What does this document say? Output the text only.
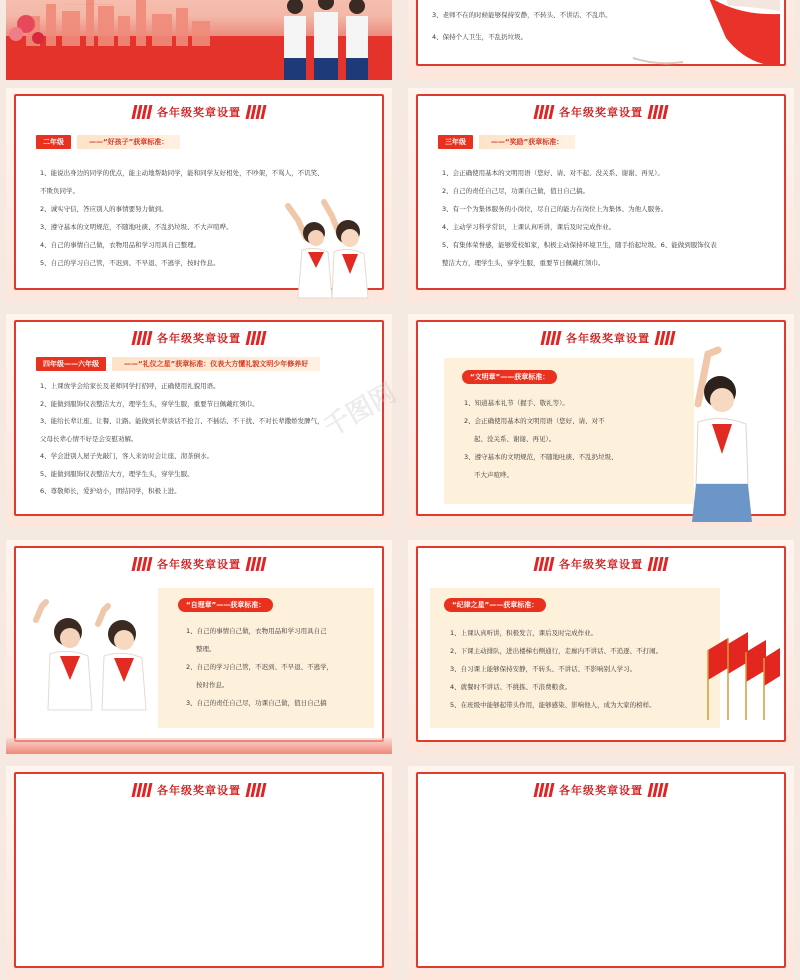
……………………
3、老师不在的时候能够保持安静，不转头、不讲话、不乱串。
4、保持个人卫生，不乱扔垃圾。
各年级奖章设置
二年级	——“好孩子”获章标准：
1、能说出身边的同学的优点，能主动地帮助同学，能和同学友好相处，不吵架，不骂人，不讥笑、
不欺负同学。
2、诚实守信，答应别人的事情要努力做到。
3、遵守基本的文明规范，不随地吐痰、不乱扔垃圾、不大声喧哗。
4、自己的事情自己做，衣物用品和学习用具自己整理。
5、自己的学习自己管，不迟到、不早退、不逃学，按时作息。
各年级奖章设置
三年级	——“奖励”获章标准：
1、会正确使用基本的文明用语（您好、请、对不起、没关系、谢谢、再见）。
2、自己的责任自己尽，功课自己做，值日自己搞。
3、有一个为集体服务的小岗位，尽自己的能力在岗位上为集体、为他人服务。
4、主动学习科学常识，上课认真听讲，课后及时完成作业。
5、有集体荣誉感，能够爱校如家，积极主动保持环境卫生，随手拾起垃圾。6、能做到服饰仪表
整洁大方，理学生头，穿学生服，重要节日佩戴红领巾。
各年级奖章设置
四年级——六年级	——“礼仪之星”获章标准：仪表大方懂礼貌文明少年修养好
1、上课放学会给家长及老师同学打招呼，正确使用礼貌用语。
2、能做到服饰仪表整洁大方，理学生头，穿学生服，重要节日佩戴红领巾。
3、能给长辈让座、让餐、让路。能做到长辈谈话不抢言、不插话、不干扰、不对长辈撒娇发脾气，
父母长辈心情不好是会安慰劝解。
4、学会进别人屋子先敲门，客人来访时会让座、沏茶倒水。
5、能做到服饰仪表整洁大方，理学生头，穿学生服。
6、尊敬师长，爱护幼小，团结同学，积极上进。
各年级奖章设置
“文明章”——获章标准：
1、知道基本礼节（握手、敬礼等）。
2、会正确使用基本的文明用语（您好、请、对不
起、没关系、谢谢、再见）。
3、遵守基本的文明规范，不随地吐痰、不乱扔垃圾、
不大声喧哗。
各年级奖章设置
“自理章”——获章标准：
1、自己的事情自己做，衣物用品和学习用具自己
整理。
2、自己的学习自己管，不迟到、不早退、不逃学，
按时作息。
3、自己的责任自己尽，功课自己做，值日自己搞
各年级奖章设置
“纪律之星”——获章标准：
1、上课认真听讲，积极发言，课后及时完成作业。
2、下课主动排队，进出楼梯右侧通行，走廊内不讲话、不追逐、不打闹。
3、自习课上能够保持安静，不转头、不讲话、不影响别人学习。
4、就餐时不讲话、不挑拣、不浪费粮食。
5、在班级中能够起带头作用，能够感染、影响他人，成为大家的榜样。
各年级奖章设置	各年级奖章设置
千图网
